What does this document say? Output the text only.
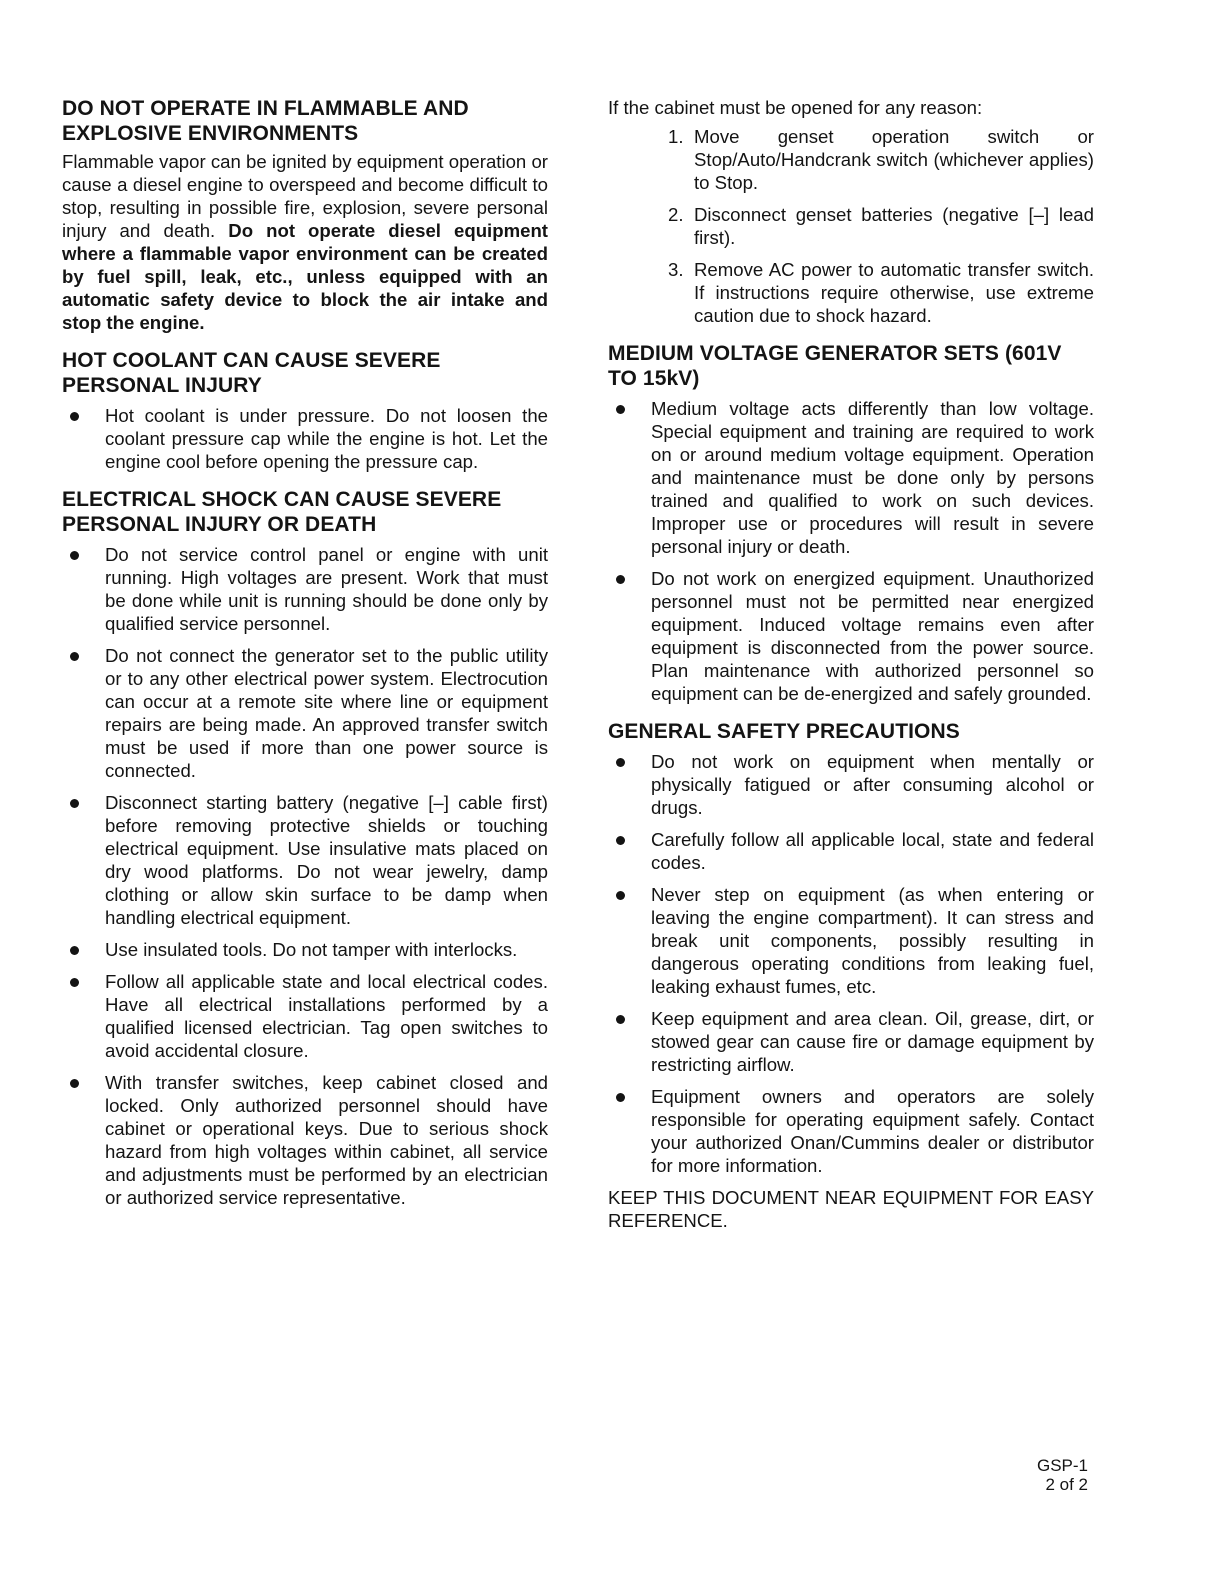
DO NOT OPERATE IN FLAMMABLE AND EXPLOSIVE ENVIRONMENTS

Flammable vapor can be ignited by equipment operation or cause a diesel engine to overspeed and become difficult to stop, resulting in possible fire, explosion, severe personal injury and death. Do not operate diesel equipment where a flammable vapor environment can be created by fuel spill, leak, etc., unless equipped with an automatic safety device to block the air intake and stop the engine.

HOT COOLANT CAN CAUSE SEVERE PERSONAL INJURY
Hot coolant is under pressure. Do not loosen the coolant pressure cap while the engine is hot. Let the engine cool before opening the pressure cap.
ELECTRICAL SHOCK CAN CAUSE SEVERE PERSONAL INJURY OR DEATH
Do not service control panel or engine with unit running. High voltages are present. Work that must be done while unit is running should be done only by qualified service personnel.
Do not connect the generator set to the public utility or to any other electrical power system. Electrocution can occur at a remote site where line or equipment repairs are being made. An approved transfer switch must be used if more than one power source is connected.
Disconnect starting battery (negative [–] cable first) before removing protective shields or touching electrical equipment. Use insulative mats placed on dry wood platforms. Do not wear jewelry, damp clothing or allow skin surface to be damp when handling electrical equipment.
Use insulated tools. Do not tamper with interlocks.
Follow all applicable state and local electrical codes. Have all electrical installations performed by a qualified licensed electrician. Tag open switches to avoid accidental closure.
With transfer switches, keep cabinet closed and locked. Only authorized personnel should have cabinet or operational keys. Due to serious shock hazard from high voltages within cabinet, all service and adjustments must be performed by an electrician or authorized service representative.

If the cabinet must be opened for any reason:

1. Move genset operation switch or Stop/Auto/Handcrank switch (whichever applies) to Stop.
2. Disconnect genset batteries (negative [–] lead first).
3. Remove AC power to automatic transfer switch. If instructions require otherwise, use extreme caution due to shock hazard.
MEDIUM VOLTAGE GENERATOR SETS (601V TO 15kV)
Medium voltage acts differently than low voltage. Special equipment and training are required to work on or around medium voltage equipment. Operation and maintenance must be done only by persons trained and qualified to work on such devices. Improper use or procedures will result in severe personal injury or death.
Do not work on energized equipment. Unauthorized personnel must not be permitted near energized equipment. Induced voltage remains even after equipment is disconnected from the power source. Plan maintenance with authorized personnel so equipment can be de-energized and safely grounded.
GENERAL SAFETY PRECAUTIONS
Do not work on equipment when mentally or physically fatigued or after consuming alcohol or drugs.
Carefully follow all applicable local, state and federal codes.
Never step on equipment (as when entering or leaving the engine compartment). It can stress and break unit components, possibly resulting in dangerous operating conditions from leaking fuel, leaking exhaust fumes, etc.
Keep equipment and area clean. Oil, grease, dirt, or stowed gear can cause fire or damage equipment by restricting airflow.
Equipment owners and operators are solely responsible for operating equipment safely. Contact your authorized Onan/Cummins dealer or distributor for more information.

KEEP THIS DOCUMENT NEAR EQUIPMENT FOR EASY REFERENCE.

GSP-1
2 of 2
